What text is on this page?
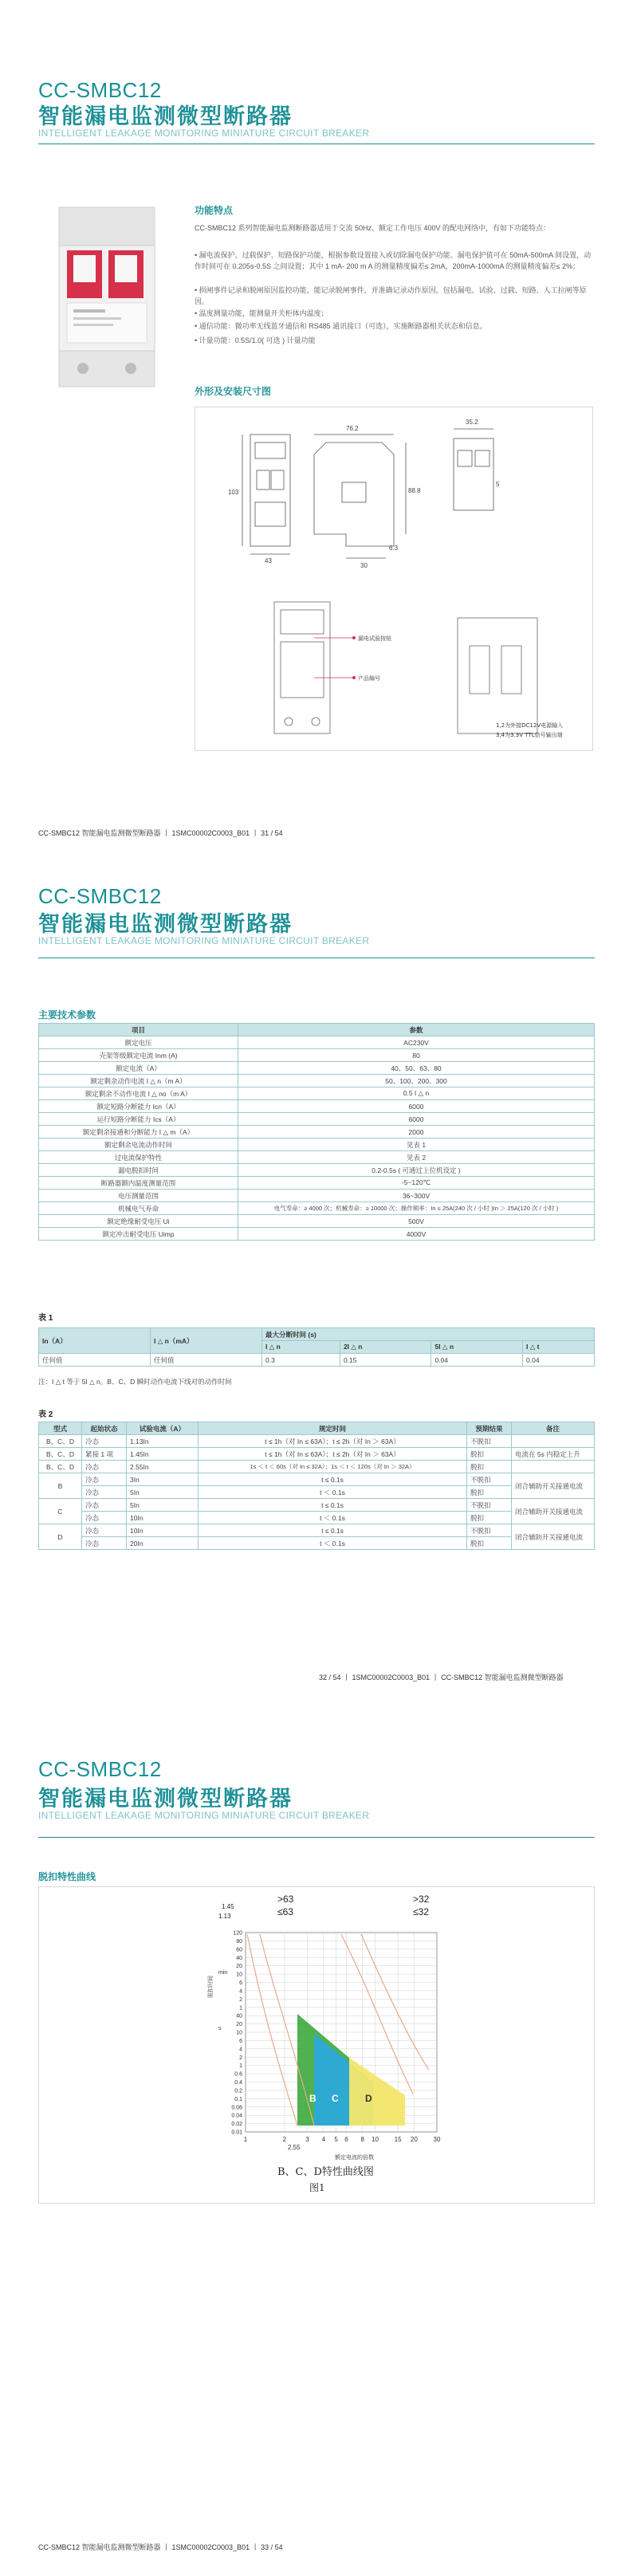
CC-SMBC12
智能漏电监测微型断路器
INTELLIGENT LEAKAGE MONITORING MINIATURE CIRCUIT BREAKER
功能特点
CC-SMBC12 系列智能漏电监测断路器适用于交流 50Hz、额定工作电压 400V 的配电网络中，有如下功能特点：
• 漏电流保护、过载保护、短路保护功能，根据参数设置接入或切除漏电保护功能。漏电保护值可在 50mA-500mA 间设置，动作时间可在 0.205s-0.5S 之间设置；其中 1 mA- 200 m A 的测量精度偏差≤ 2mA，200mA-1000mA 的测量精度偏差≤ 2%；
• 损闸事件记录和脱闸原因监控功能，能记录脱闸事件，并准确记录动作原因。包括漏电、试验、过载、短路、人工拉闸等原因。
• 温度测量功能，能测量开关柜体内温度；
• 通信功能：微功率无线蓝牙通信和 RS485 通讯接口（可选），实施断路器相关状态和信息。
• 计量功能：0.5S/1.0( 可选 ) 计量功能
外形及安装尺寸图
76.2
103	88.8
43
30
35.2
6.3
5
漏电试验按钮
产品编号
1,2为外接DC12V电源输入
3,4为3.3V TTL信号输出端
CC-SMBC12 智能漏电监测微型断路器 丨 1SMC00002C0003_B01 丨 31 / 54
CC-SMBC12
智能漏电监测微型断路器
INTELLIGENT LEAKAGE MONITORING MINIATURE CIRCUIT BREAKER
主要技术参数
项目	参数
额定电压	AC230V
壳架等级额定电流 Inm (A)	80
额定电流（A）	40、50、63、80
额定剩余动作电流 I △ n（m A）	50、100、200、300
额定剩余不动作电流 I △ no（m A）	0.5 I △ n
额定短路分断能力 Icn（A）	6000
运行短路分断能力 Ics（A）	6000
额定剩余接通和分断能力 I △ m（A）	2000
额定剩余电流动作时间	见表 1
过电流保护特性	见表 2
漏电脱扣时间	0.2-0.5s ( 可通过上位机设定 )
断路器额内温度测量范围	-5~120℃
电压测量范围	36~300V
机械电气寿命	电气寿命：≥ 4000 次；机械寿命：≥ 10000 次；操作频率：In ≤ 25A(240 次 / 小时 )In ＞ 25A(120 次 / 小时 )
额定绝缘耐受电压 Ui	500V
额定冲击耐受电压 Uimp	4000V
表 1
In（A）	I △ n（mA）	最大分断时间 (s)			
		I △ n	2I △ n	5I △ n	I △ t
任何值	任何值	0.3	0.15	0.04	0.04
注：I △ t 等于 5I △ n。B、C、D 瞬时动作电流下线对的动作时间
表 2
型式	起始状态	试验电流（A）	规定时间	预期结果	备注
B、C、D	冷态	1.13In	t ≤ 1h（对 In ≤ 63A）；t ≤ 2h（对 In ＞ 63A）	不脱扣	
B、C、D	紧接 1 项	1.45In	t ≤ 1h（对 In ≤ 63A）；t ≤ 2h（对 In ＞ 63A）	脱扣	电流在 5s 内稳定上升
B、C、D	冷态	2.55In	1s ＜ t ＜ 60s（对 In ≤ 32A）；1s ＜ t ＜ 120s（对 In ＞ 32A）	脱扣	
B	冷态	3In	t ≤ 0.1s	不脱扣	闭合辅助开关接通电流
	冷态	5In	t ＜ 0.1s	脱扣	
C	冷态	5In	t ≤ 0.1s	不脱扣	闭合辅助开关接通电流
	冷态	10In	t ＜ 0.1s	脱扣	
D	冷态	10In	t ≤ 0.1s	不脱扣	闭合辅助开关接通电流
	冷态	20In	t ＜ 0.1s	脱扣	
32 / 54 丨 1SMC00002C0003_B01 丨 CC-SMBC12 智能漏电监测微型断路器
CC-SMBC12
智能漏电监测微型断路器
INTELLIGENT LEAKAGE MONITORING MINIATURE CIRCUIT BREAKER
脱扣特性曲线
>63
≤63
>32
≤32
1.45
1.13
B C	D
120
80
60
40
20
10
6
4
2
1
40
20
10
6
4
2
1
0.6
0.4
0.2
0.1
0.06
0.04
0.02
0.01
1	2	3 4 5 6 8 10 15 20 30
2.55
额定电流的倍数
脱扣时间
min
s
B、C、D特性曲线图
图1
CC-SMBC12 智能漏电监测微型断路器 丨 1SMC00002C0003_B01 丨 33 / 54
